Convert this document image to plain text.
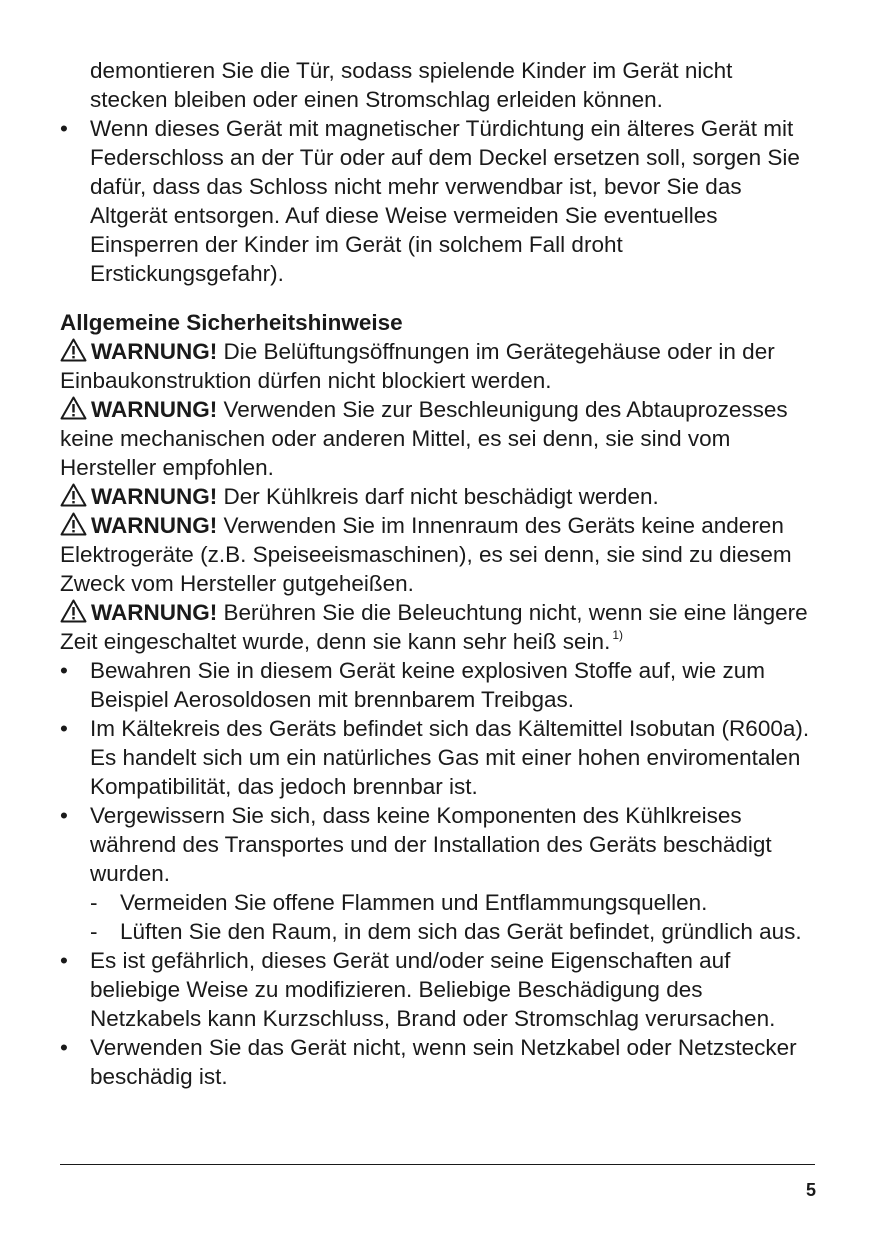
demontieren Sie die Tür, sodass spielende Kinder im Gerät nicht stecken bleiben oder einen Stromschlag erleiden können.
• Wenn dieses Gerät mit magnetischer Türdichtung ein älteres Gerät mit Federschloss an der Tür oder auf dem Deckel ersetzen soll, sorgen Sie dafür, dass das Schloss nicht mehr verwendbar ist, bevor Sie das Altgerät entsorgen. Auf diese Weise vermeiden Sie eventuelles Einsperren der Kinder im Gerät (in solchem Fall droht Erstickungsgefahr).
Allgemeine Sicherheitshinweise
WARNUNG! Die Belüftungsöffnungen im Gerätegehäuse oder in der Einbaukonstruktion dürfen nicht blockiert werden.
WARNUNG! Verwenden Sie zur Beschleunigung des Abtauprozesses keine mechanischen oder anderen Mittel, es sei denn, sie sind vom Hersteller empfohlen.
WARNUNG! Der Kühlkreis darf nicht beschädigt werden.
WARNUNG! Verwenden Sie im Innenraum des Geräts keine anderen Elektrogeräte (z.B. Speiseeismaschinen), es sei denn, sie sind zu diesem Zweck vom Hersteller gutgeheißen.
WARNUNG! Berühren Sie die Beleuchtung nicht, wenn sie eine längere Zeit eingeschaltet wurde, denn sie kann sehr heiß sein. $^{1)}$
• Bewahren Sie in diesem Gerät keine explosiven Stoffe auf, wie zum Beispiel Aerosoldosen mit brennbarem Treibgas.
• Im Kältekreis des Geräts befindet sich das Kältemittel Isobutan (R600a). Es handelt sich um ein natürliches Gas mit einer hohen enviromentalen Kompatibilität, das jedoch brennbar ist.
• Vergewissern Sie sich, dass keine Komponenten des Kühlkreises während des Transportes und der Installation des Geräts beschädigt wurden.
- Vermeiden Sie offene Flammen und Entflammungsquellen.
- Lüften Sie den Raum, in dem sich das Gerät befindet, gründlich aus.
• Es ist gefährlich, dieses Gerät und/oder seine Eigenschaften auf beliebige Weise zu modifizieren. Beliebige Beschädigung des Netzkabels kann Kurzschluss, Brand oder Stromschlag verursachen.
• Verwenden Sie das Gerät nicht, wenn sein Netzkabel oder Netzstecker beschädig ist.
5
